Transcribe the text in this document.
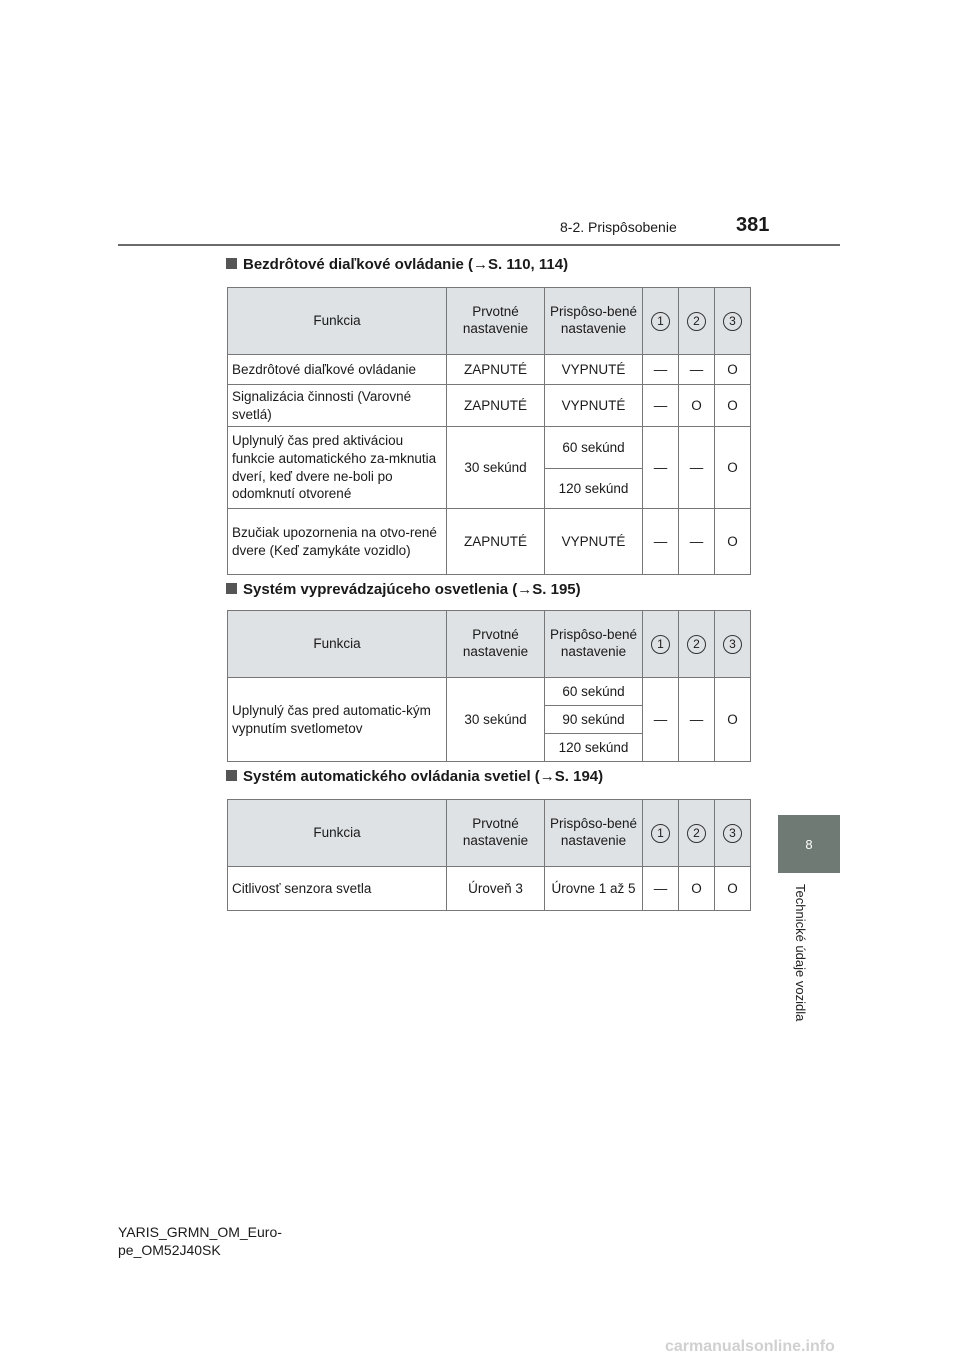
8-2. Prispôsobenie	381
8
Technické údaje vozidla
Bezdrôtové diaľkové ovládanie (→S. 110, 114)
Funkcia	Prvotné nastavenie	Prispôso-bené nastavenie	1	2	3
Bezdrôtové diaľkové ovládanie	ZAPNUTÉ	VYPNUTÉ	—	—	O
Signalizácia činnosti (Varovné svetlá)	ZAPNUTÉ	VYPNUTÉ	—	O	O
Uplynulý čas pred aktiváciou funkcie automatického za-mknutia dverí, keď dvere ne-boli po odomknutí otvorené	30 sekúnd	60 sekúnd	—	—	O
		120 sekúnd			
Bzučiak upozornenia na otvo-rené dvere (Keď zamykáte vozidlo)	ZAPNUTÉ	VYPNUTÉ	—	—	O
Systém vyprevádzajúceho osvetlenia (→S. 195)
Funkcia	Prvotné nastavenie	Prispôso-bené nastavenie	1	2	3
Uplynulý čas pred automatic-kým vypnutím svetlometov	30 sekúnd	60 sekúnd	—	—	O
		90 sekúnd			
		120 sekúnd			
Systém automatického ovládania svetiel (→S. 194)
Funkcia	Prvotné nastavenie	Prispôso-bené nastavenie	1	2	3
Citlivosť senzora svetla	Úroveň 3	Úrovne 1 až 5	—	O	O
YARIS_GRMN_OM_Euro-
pe_OM52J40SK
carmanualsonline.info
